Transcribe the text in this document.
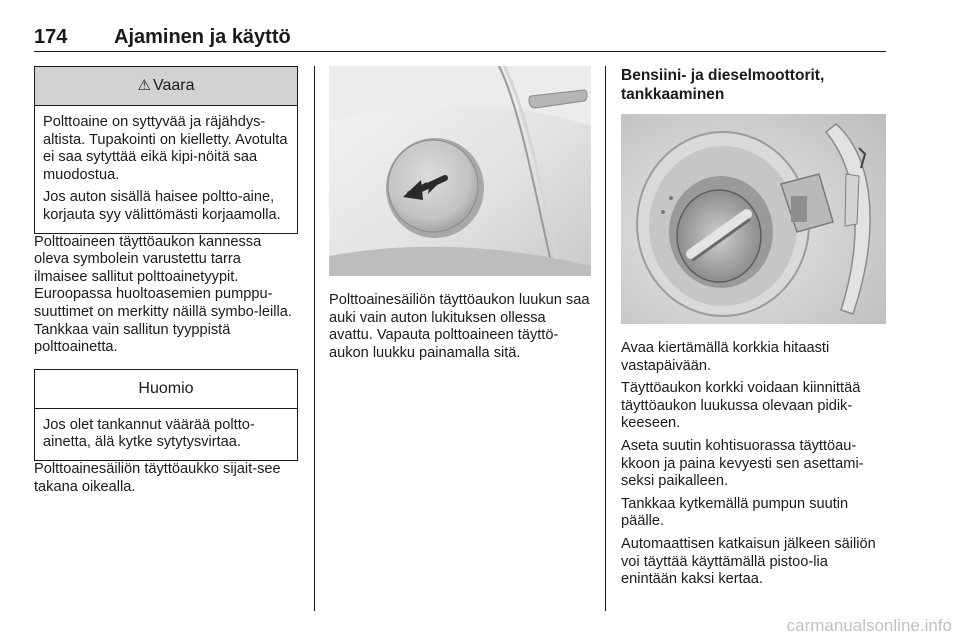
174 Ajaminen ja käyttö
⚠ Vaara

Polttoaine on syttyvää ja räjähdys-altista. Tupakointi on kielletty. Avotulta ei saa sytyttää eikä kipi-nöitä saa muodostua.

Jos auton sisällä haisee poltto-aine, korjauta syy välittömästi korjaamolla.

Polttoaineen täyttöaukon kannessa oleva symbolein varustettu tarra ilmaisee sallitut polttoainetyypit. Euroopassa huoltoasemien pumppu-suuttimet on merkitty näillä symbo-leilla. Tankkaa vain sallitun tyyppistä polttoainetta.

Huomio

Jos olet tankannut väärää poltto-ainetta, älä kytke sytytysvirtaa.

Polttoainesäiliön täyttöaukko sijait-see takana oikealla.

Polttoainesäiliön täyttöaukon luukun saa auki vain auton lukituksen ollessa avattu. Vapauta polttoaineen täyttö-aukon luukku painamalla sitä.

Bensiini- ja dieselmoottorit, tankkaaminen

Avaa kiertämällä korkkia hitaasti vastapäivään.

Täyttöaukon korkki voidaan kiinnittää täyttöaukon luukussa olevaan pidik-keeseen.

Aseta suutin kohtisuorassa täyttöau-kkoon ja paina kevyesti sen asettami-seksi paikalleen.

Tankkaa kytkemällä pumpun suutin päälle.

Automaattisen katkaisun jälkeen säiliön voi täyttää käyttämällä pistoo-lia enintään kaksi kertaa.

carmanualsonline.info
